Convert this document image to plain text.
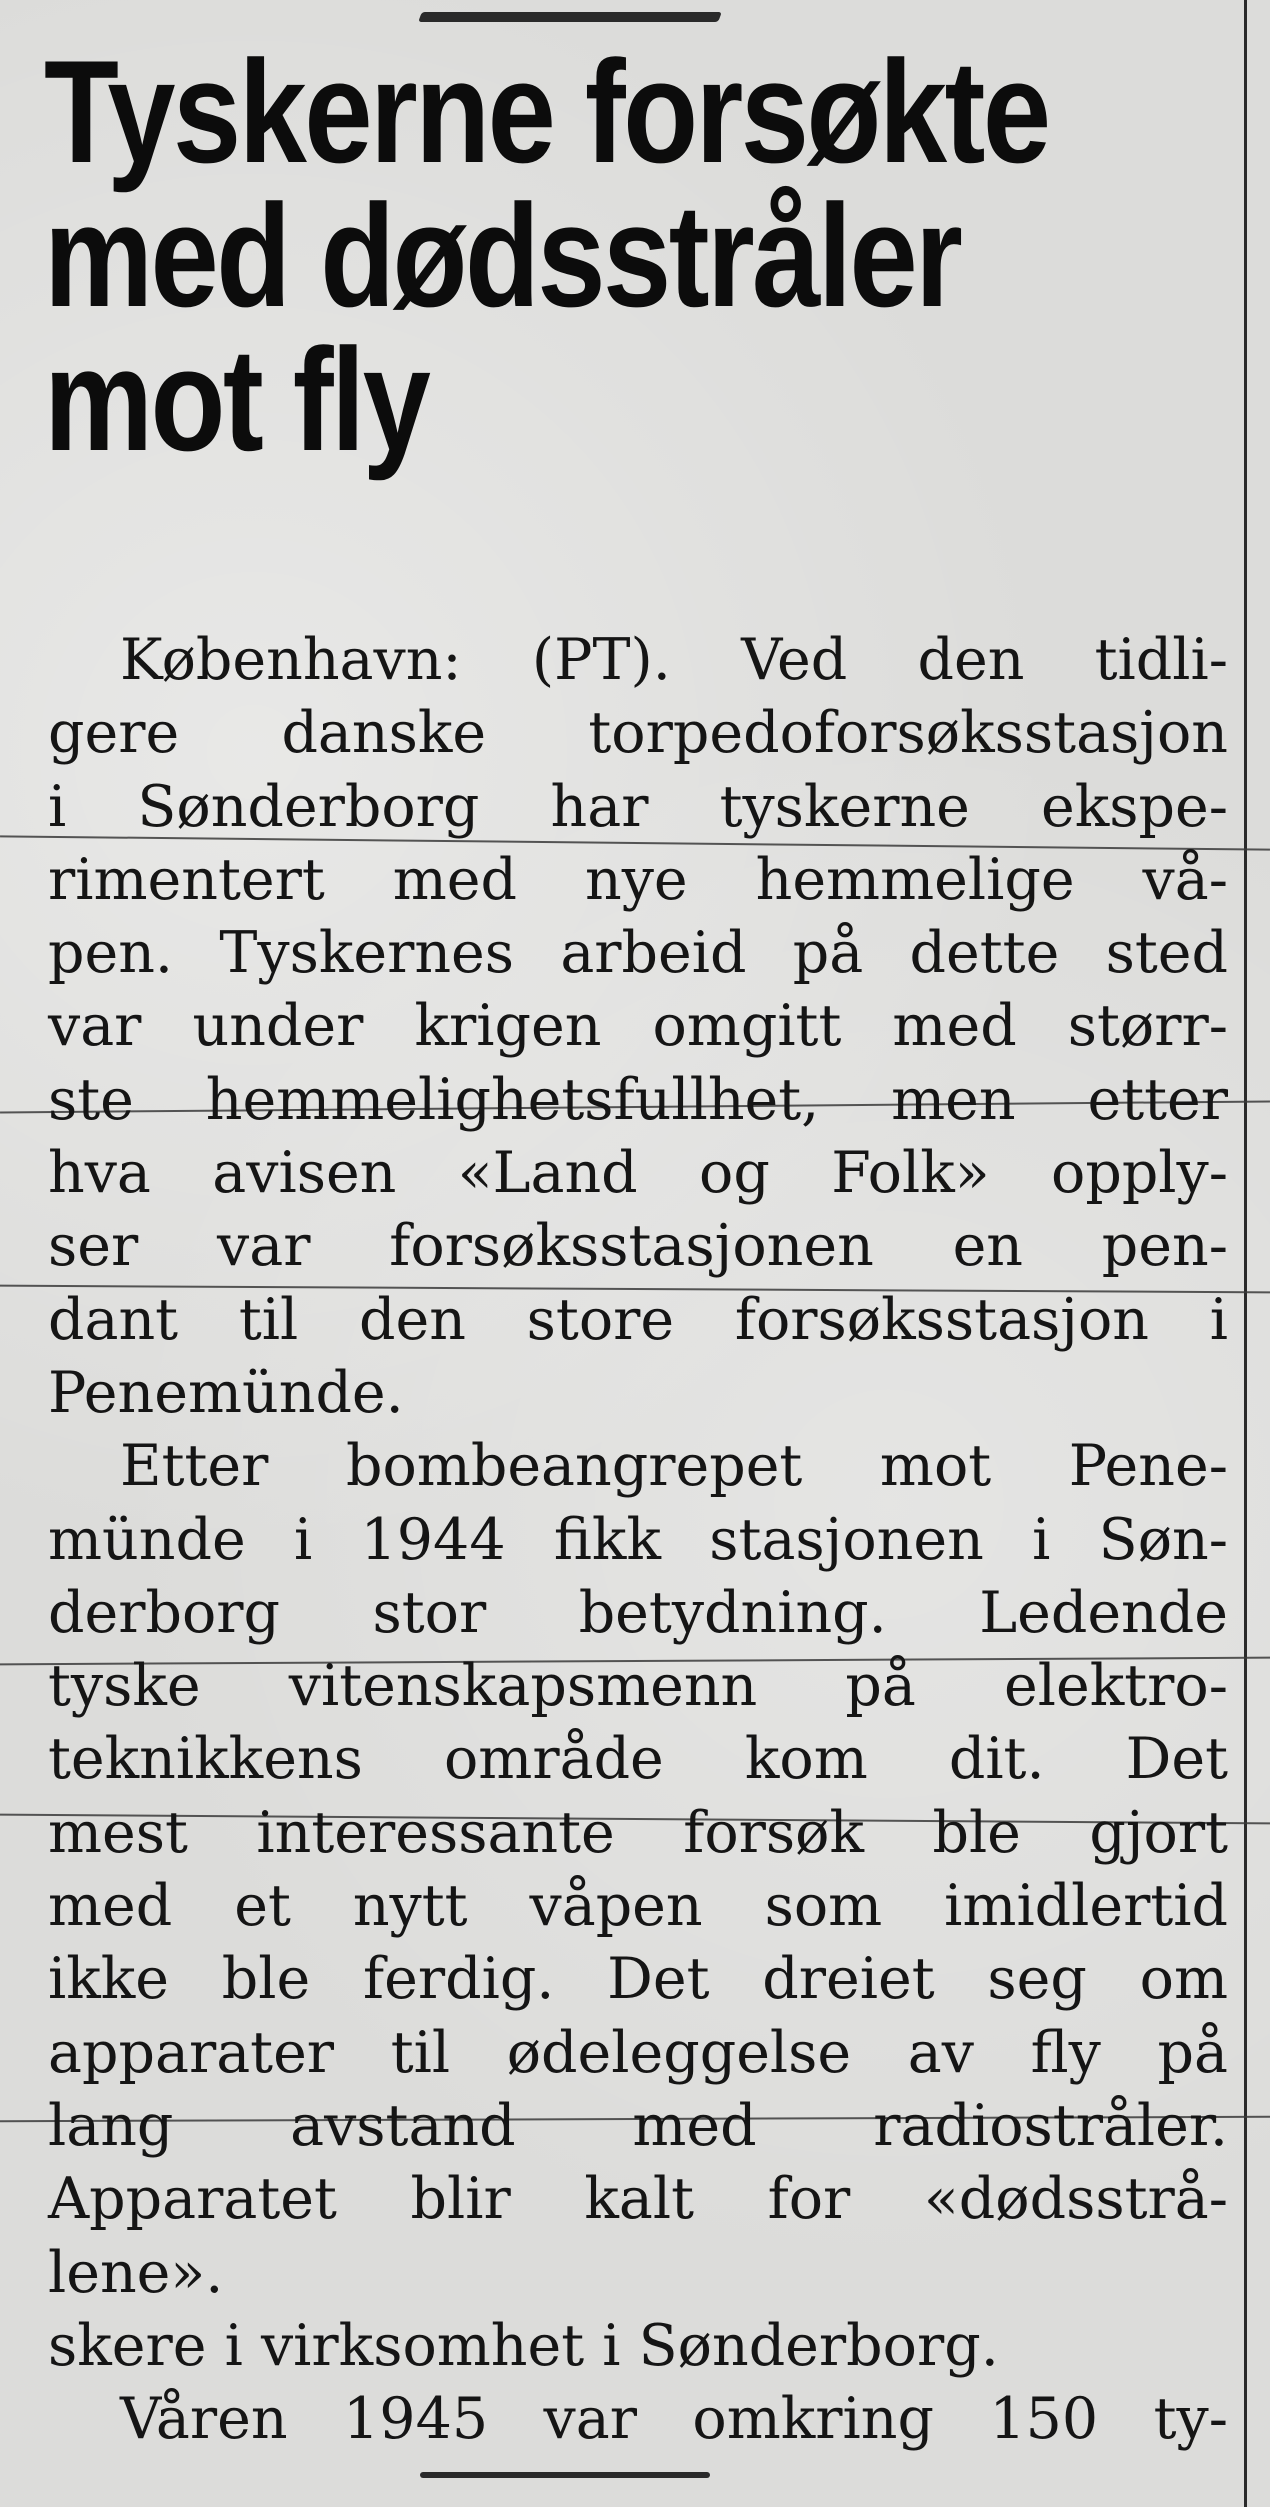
Tyskerne forsøkte
med dødsstråler
mot fly
København: (PT). Ved den tidli-
gere danske torpedoforsøksstasjon
i Sønderborg har tyskerne ekspe-
rimentert med nye hemmelige vå-
pen. Tyskernes arbeid på dette sted
var under krigen omgitt med størr-
ste hemmelighetsfullhet, men etter
hva avisen «Land og Folk» opply-
ser var forsøksstasjonen en pen-
dant til den store forsøksstasjon i
Penemünde.
Etter bombeangrepet mot Pene-
münde i 1944 fikk stasjonen i Søn-
derborg stor betydning. Ledende
tyske vitenskapsmenn på elektro-
teknikkens område kom dit. Det
mest interessante forsøk ble gjort
med et nytt våpen som imidlertid
ikke ble ferdig. Det dreiet seg om
apparater til ødeleggelse av fly på
lang avstand med radiostråler.
Apparatet blir kalt for «dødsstrå-
lene».
skere i virksomhet i Sønderborg.
Våren 1945 var omkring 150 ty-
